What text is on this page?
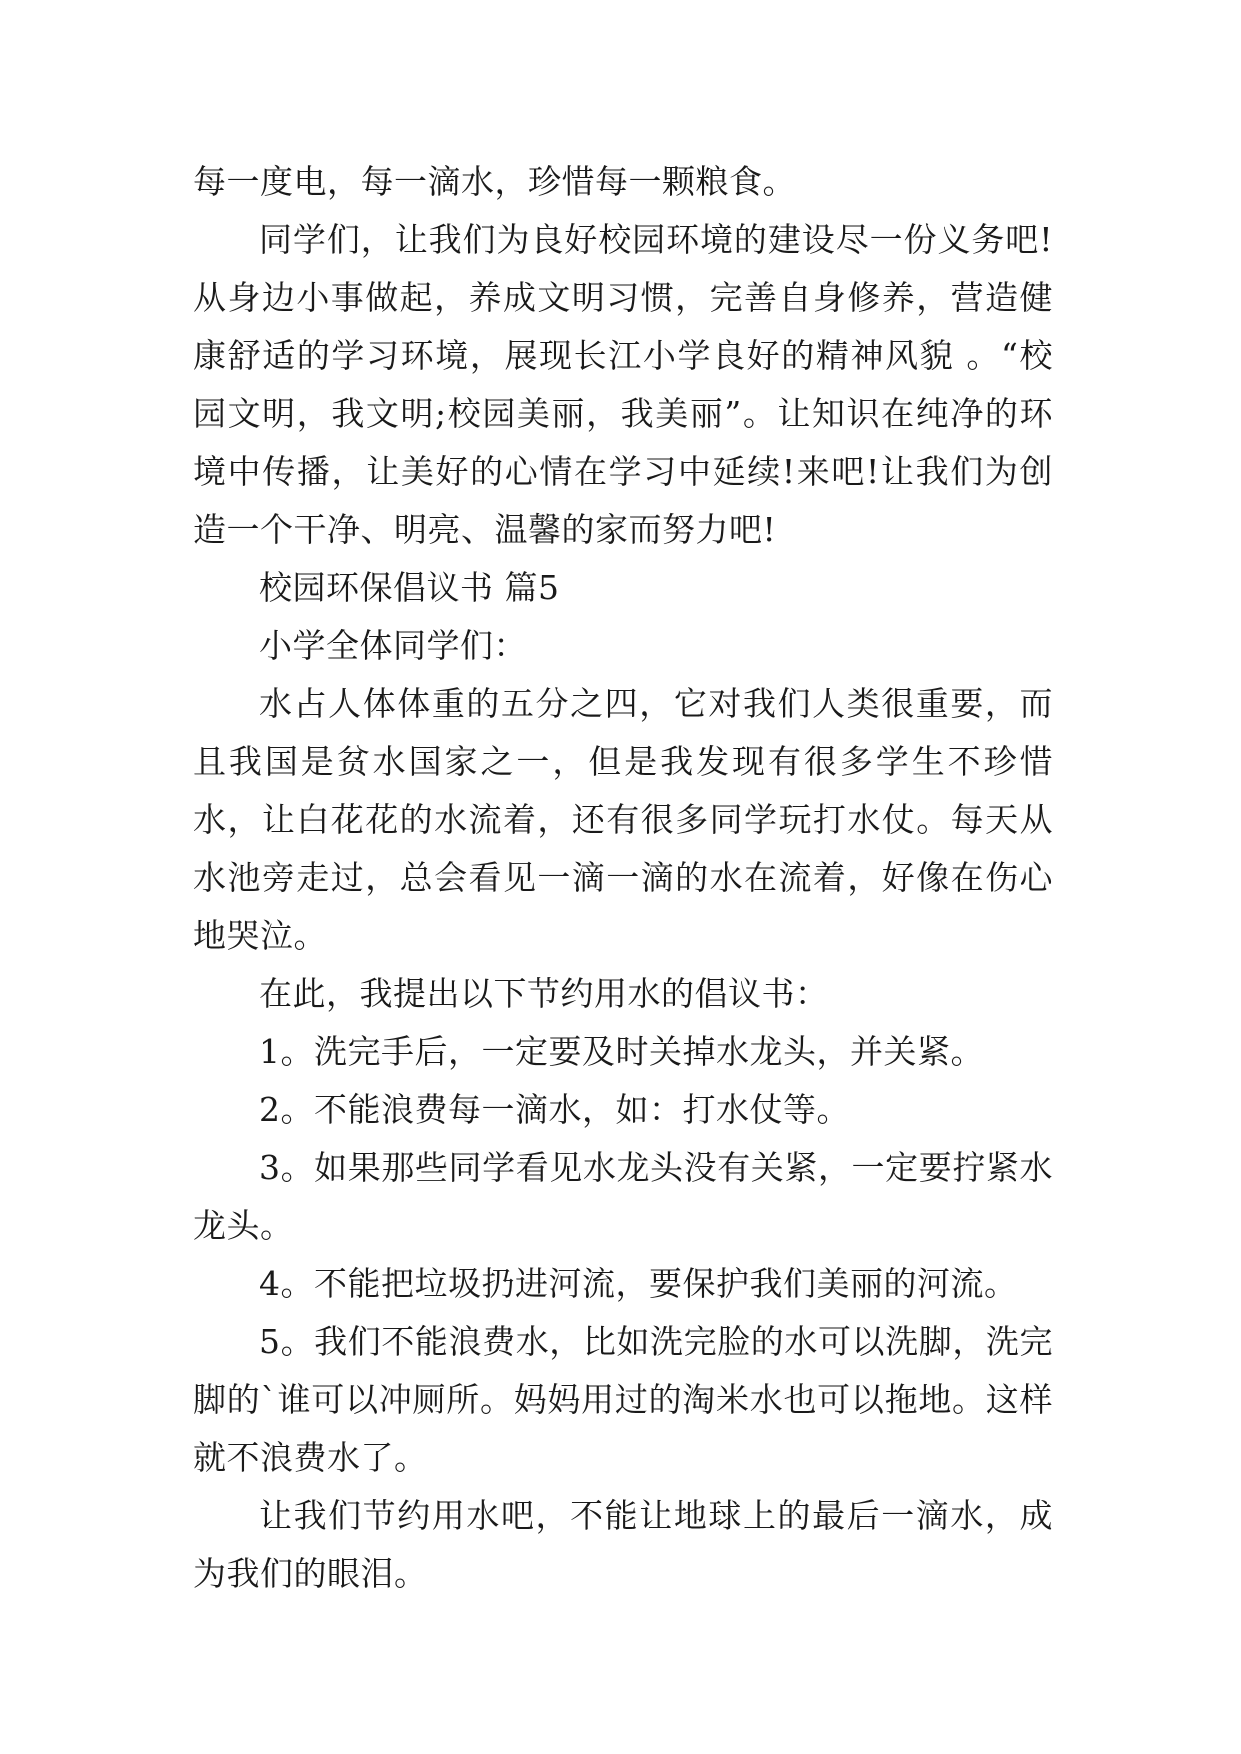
每一度电，每一滴水，珍惜每一颗粮食。

同学们，让我们为良好校园环境的建设尽一份义务吧!从身边小事做起，养成文明习惯，完善自身修养，营造健康舒适的学习环境，展现长江小学良好的精神风貌 。“校园文明，我文明;校园美丽，我美丽”。让知识在纯净的环境中传播，让美好的心情在学习中延续!来吧!让我们为创造一个干净、明亮、温馨的家而努力吧!

校园环保倡议书 篇5

小学全体同学们：

水占人体体重的五分之四，它对我们人类很重要，而且我国是贫水国家之一，但是我发现有很多学生不珍惜水，让白花花的水流着，还有很多同学玩打水仗。每天从水池旁走过，总会看见一滴一滴的水在流着，好像在伤心地哭泣。

在此，我提出以下节约用水的倡议书：

1。洗完手后，一定要及时关掉水龙头，并关紧。

2。不能浪费每一滴水，如：打水仗等。

3。如果那些同学看见水龙头没有关紧，一定要拧紧水龙头。

4。不能把垃圾扔进河流，要保护我们美丽的河流。

5。我们不能浪费水，比如洗完脸的水可以洗脚，洗完脚的`谁可以冲厕所。妈妈用过的淘米水也可以拖地。这样就不浪费水了。

让我们节约用水吧，不能让地球上的最后一滴水，成为我们的眼泪。
